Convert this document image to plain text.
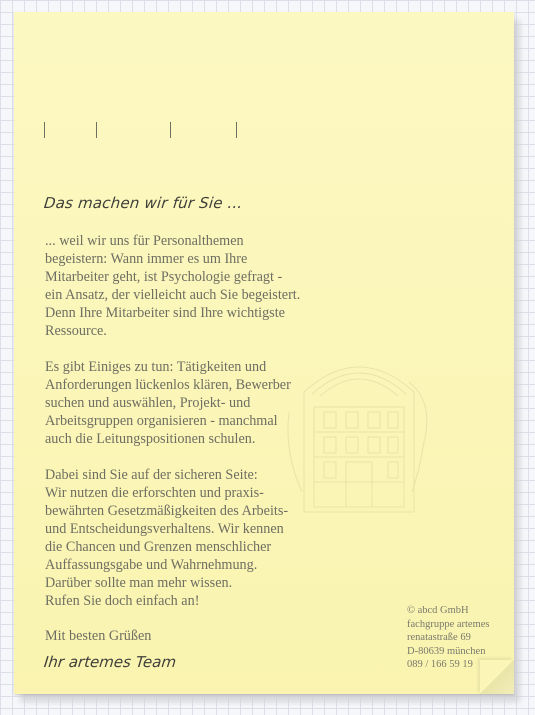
Das machen wir für Sie ...

... weil wir uns für Personalthemen
begeistern: Wann immer es um Ihre
Mitarbeiter geht, ist Psychologie gefragt -
ein Ansatz, der vielleicht auch Sie begeistert.
Denn Ihre Mitarbeiter sind Ihre wichtigste
Ressource.

Es gibt Einiges zu tun: Tätigkeiten und
Anforderungen lückenlos klären, Bewerber
suchen und auswählen, Projekt- und
Arbeitsgruppen organisieren - manchmal
auch die Leitungspositionen schulen.

Dabei sind Sie auf der sicheren Seite:
Wir nutzen die erforschten und praxis-
bewährten Gesetzmäßigkeiten des Arbeits-
und Entscheidungsverhaltens. Wir kennen
die Chancen und Grenzen menschlicher
Auffassungsgabe und Wahrnehmung.
Darüber sollte man mehr wissen.
Rufen Sie doch einfach an!

Mit besten Grüßen
Ihr artemes Team
© abcd GmbH
fachgruppe artemes
renatastraße 69
D-80639 münchen
089 / 166 59 19
